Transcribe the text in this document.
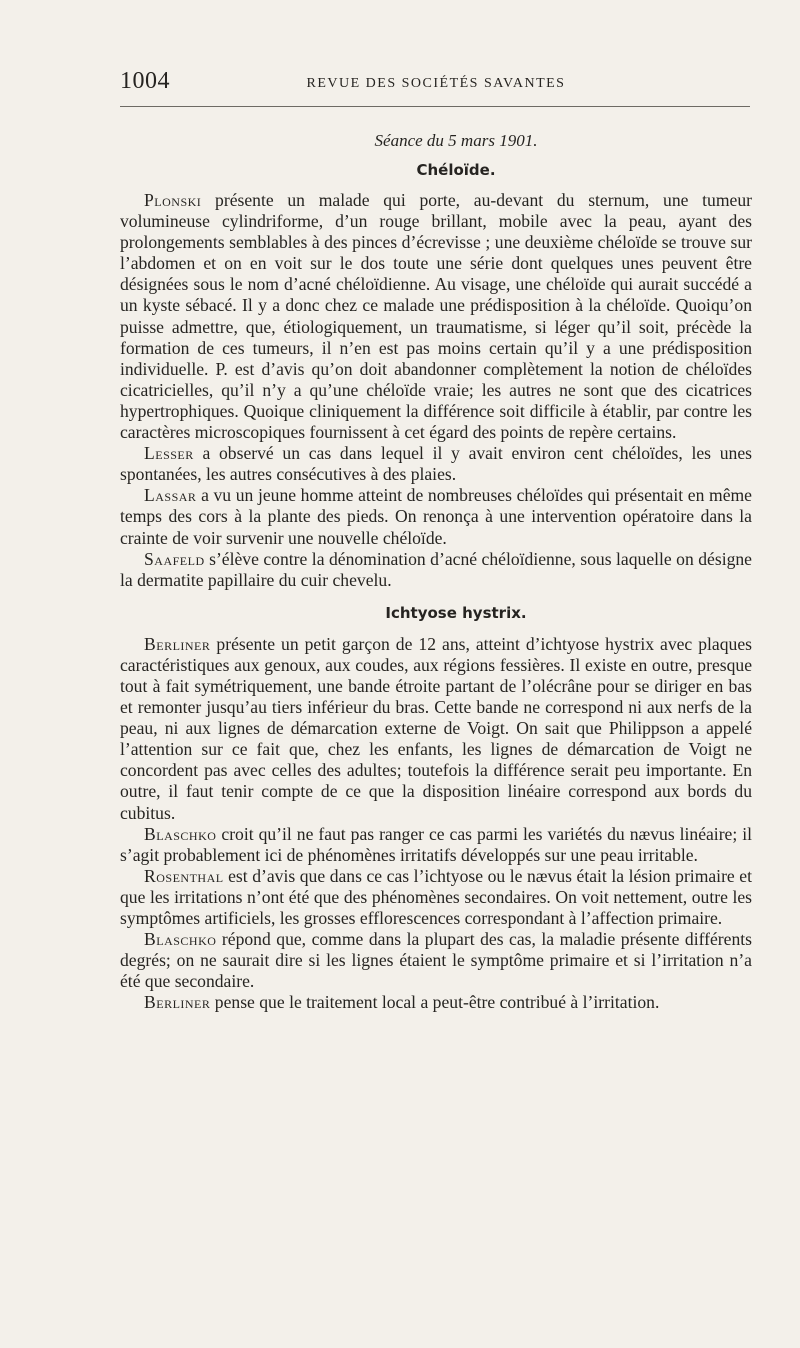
1004	REVUE DES SOCIÉTÉS SAVANTES
Séance du 5 mars 1901.
Chéloïde.

Plonski présente un malade qui porte, au-devant du sternum, une tumeur volumineuse cylindriforme, d’un rouge brillant, mobile avec la peau, ayant des prolongements semblables à des pinces d’écrevisse ; une deuxième chéloïde se trouve sur l’abdomen et on en voit sur le dos toute une série dont quelques unes peuvent être désignées sous le nom d’acné chéloïdienne. Au visage, une chéloïde qui aurait succédé a un kyste sébacé. Il y a donc chez ce malade une prédisposition à la chéloïde. Quoiqu’on puisse admettre, que, étiologiquement, un traumatisme, si léger qu’il soit, précède la formation de ces tumeurs, il n’en est pas moins certain qu’il y a une prédisposition individuelle. P. est d’avis qu’on doit abandonner complètement la notion de chéloïdes cicatricielles, qu’il n’y a qu’une chéloïde vraie; les autres ne sont que des cicatrices hypertrophiques. Quoique cliniquement la différence soit difficile à établir, par contre les caractères microscopiques fournissent à cet égard des points de repère certains.

Lesser a observé un cas dans lequel il y avait environ cent chéloïdes, les unes spontanées, les autres consécutives à des plaies.

Lassar a vu un jeune homme atteint de nombreuses chéloïdes qui présentait en même temps des cors à la plante des pieds. On renonça à une intervention opératoire dans la crainte de voir survenir une nouvelle chéloïde.

Saafeld s’élève contre la dénomination d’acné chéloïdienne, sous laquelle on désigne la dermatite papillaire du cuir chevelu.

Ichtyose hystrix.

Berliner présente un petit garçon de 12 ans, atteint d’ichtyose hystrix avec plaques caractéristiques aux genoux, aux coudes, aux régions fessières. Il existe en outre, presque tout à fait symétriquement, une bande étroite partant de l’olécrâne pour se diriger en bas et remonter jusqu’au tiers inférieur du bras. Cette bande ne correspond ni aux nerfs de la peau, ni aux lignes de démarcation externe de Voigt. On sait que Philippson a appelé l’attention sur ce fait que, chez les enfants, les lignes de démarcation de Voigt ne concordent pas avec celles des adultes; toutefois la différence serait peu importante. En outre, il faut tenir compte de ce que la disposition linéaire correspond aux bords du cubitus.

Blaschko croit qu’il ne faut pas ranger ce cas parmi les variétés du nævus linéaire; il s’agit probablement ici de phénomènes irritatifs développés sur une peau irritable.

Rosenthal est d’avis que dans ce cas l’ichtyose ou le nævus était la lésion primaire et que les irritations n’ont été que des phénomènes secondaires. On voit nettement, outre les symptômes artificiels, les grosses efflorescences correspondant à l’affection primaire.

Blaschko répond que, comme dans la plupart des cas, la maladie présente différents degrés; on ne saurait dire si les lignes étaient le symptôme primaire et si l’irritation n’a été que secondaire.

Berliner pense que le traitement local a peut-être contribué à l’irritation.
